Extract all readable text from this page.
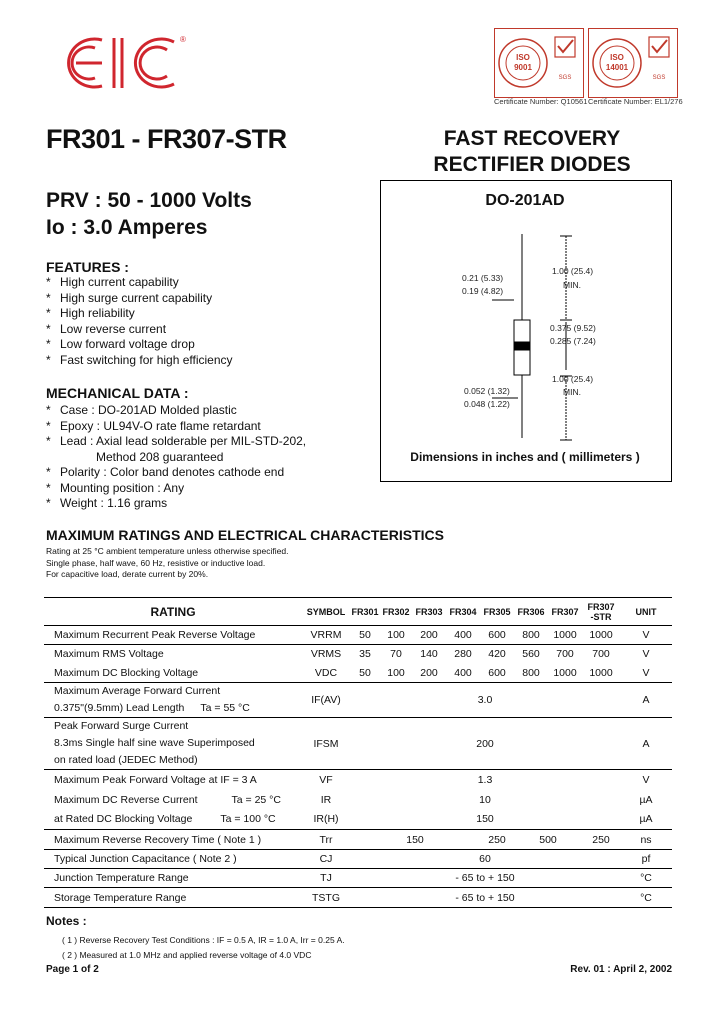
®
ISO
9001
SGS
ISO
14001
SGS
Certificate Number: Q10561 Certificate Number: EL1/276
FR301 - FR307-STR	FAST RECOVERY
RECTIFIER DIODES
PRV : 50 - 1000 Volts
Io : 3.0 Amperes
FEATURES :
* High current capability
* High surge current capability
* High reliability
* Low reverse current
* Low forward voltage drop
* Fast switching for high efficiency
MECHANICAL DATA :
* Case : DO-201AD Molded plastic
* Epoxy : UL94V-O rate flame retardant
* Lead : Axial lead solderable per MIL-STD-202,
Method 208 guaranteed
* Polarity : Color band denotes cathode end
* Mounting position : Any
* Weight : 1.16 grams
DO-201AD
0.21 (5.33)
0.19 (4.82)
1.00 (25.4)
MIN.
0.375 (9.52)
0.285 (7.24)
1.00 (25.4)
MIN.
0.052 (1.32)
0.048 (1.22)
Dimensions in inches and ( millimeters )
MAXIMUM RATINGS AND ELECTRICAL CHARACTERISTICS
Rating at 25 °C ambient temperature unless otherwise specified.
Single phase, half wave, 60 Hz, resistive or inductive load.
For capacitive load, derate current by 20%.
RATING	SYMBOL	FR301	FR302	FR303	FR304	FR305	FR306	FR307	FR307
-STR	UNIT
Maximum Recurrent Peak Reverse Voltage	VRRM	50	100	200	400	600	800	1000	1000	V
Maximum RMS Voltage	VRMS	35	70	140	280	420	560	700	700	V
Maximum DC Blocking Voltage	VDC	50	100	200	400	600	800	1000	1000	V

Maximum Average Forward Current
0.375"(9.5mm) Lead Length Ta = 55 °C	IF(AV)	3.0								A

Peak Forward Surge Current
8.3ms Single half sine wave Superimposed
on rated load (JEDEC Method)	IFSM	200								A
Maximum Peak Forward Voltage at IF = 3 A	VF	1.3								V
Maximum DC Reverse Current Ta = 25 °C	IR	10								µA
at Rated DC Blocking Voltage Ta = 100 °C	IR(H)	150								µA
Maximum Reverse Recovery Time ( Note 1 )	Trr	150				250	500		250	ns
Typical Junction Capacitance ( Note 2 )	CJ	60								pf
Junction Temperature Range	TJ	- 65 to + 150								°C
Storage Temperature Range	TSTG	- 65 to + 150								°C
Notes :
( 1 ) Reverse Recovery Test Conditions : IF = 0.5 A, IR = 1.0 A, Irr = 0.25 A.
( 2 ) Measured at 1.0 MHz and applied reverse voltage of 4.0 VDC
Page 1 of 2	Rev. 01 : April 2, 2002
